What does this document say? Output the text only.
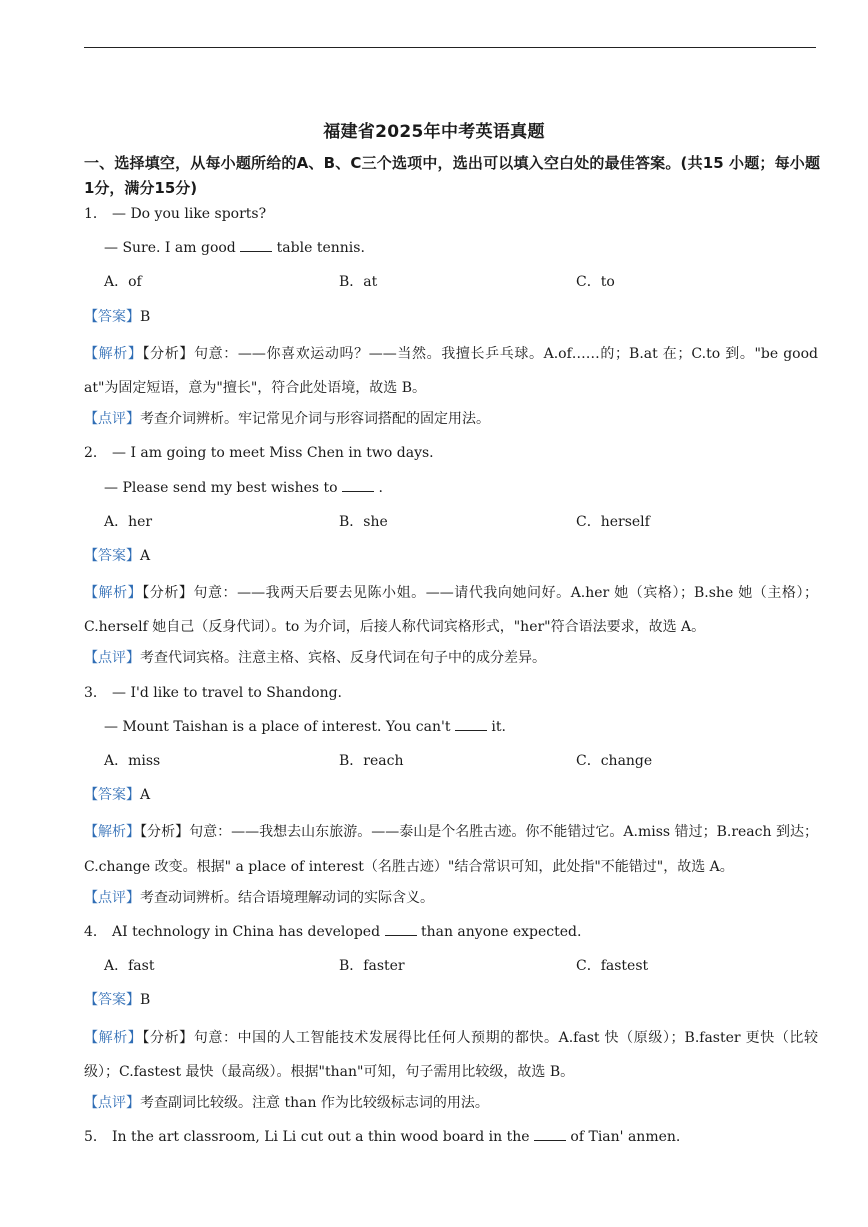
福建省2025年中考英语真题
一、选择填空，从每小题所给的A、B、C三个选项中，选出可以填入空白处的最佳答案。(共15 小题；每小题1分，满分15分)
1． — Do you like sports?
— Sure. I am good  table tennis.
A．of	B．at	C．to
【答案】B
【解析】【分析】句意：——你喜欢运动吗？——当然。我擅长乒乓球。A.of……的；B.at 在；C.to 到。"be good at"为固定短语，意为"擅长"，符合此处语境，故选 B。
【点评】考查介词辨析。牢记常见介词与形容词搭配的固定用法。
2． — I am going to meet Miss Chen in two days.
— Please send my best wishes to  .
A．her	B．she	C．herself
【答案】A
【解析】【分析】句意：——我两天后要去见陈小姐。——请代我向她问好。A.her 她（宾格）；B.she 她（主格）；C.herself 她自己（反身代词）。to 为介词，后接人称代词宾格形式，"her"符合语法要求，故选 A。
【点评】考查代词宾格。注意主格、宾格、反身代词在句子中的成分差异。
3． — I'd like to travel to Shandong.
— Mount Taishan is a place of interest. You can't  it.
A．miss	B．reach	C．change
【答案】A
【解析】【分析】句意：——我想去山东旅游。——泰山是个名胜古迹。你不能错过它。A.miss 错过；B.reach 到达；C.change 改变。根据" a place of interest（名胜古迹）"结合常识可知，此处指"不能错过"，故选 A。
【点评】考查动词辨析。结合语境理解动词的实际含义。
4． AI technology in China has developed  than anyone expected.
A．fast	B．faster	C．fastest
【答案】B
【解析】【分析】句意：中国的人工智能技术发展得比任何人预期的都快。A.fast 快（原级）；B.faster 更快（比较级）；C.fastest 最快（最高级）。根据"than"可知，句子需用比较级，故选 B。
【点评】考查副词比较级。注意 than 作为比较级标志词的用法。
5． In the art classroom, Li Li cut out a thin wood board in the  of Tian' anmen.
